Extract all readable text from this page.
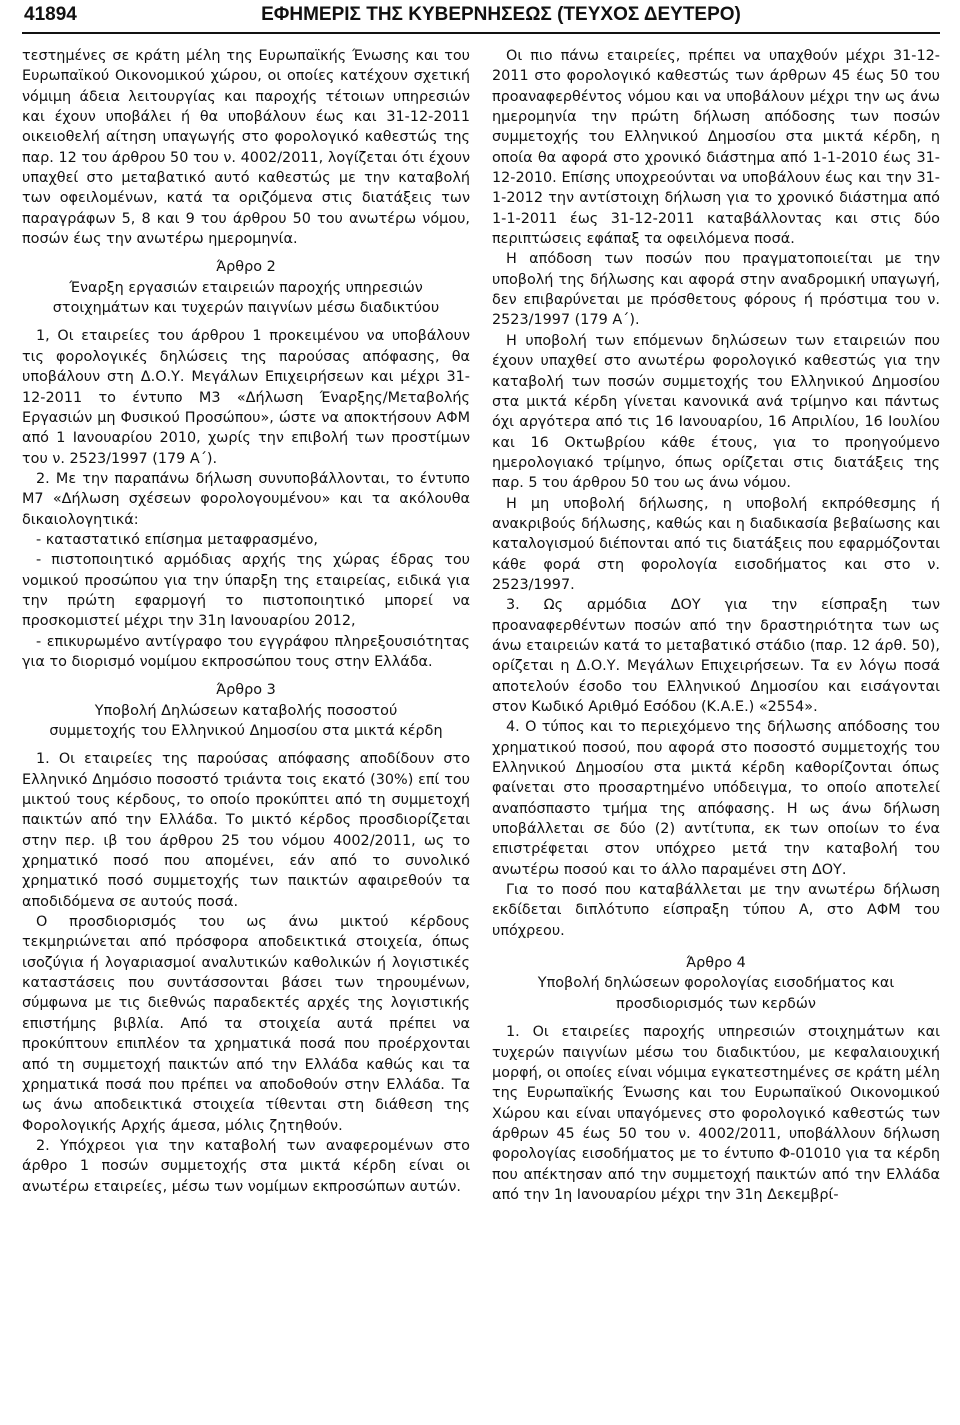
41894	ΕΦΗΜΕΡΙΣ ΤΗΣ ΚΥΒΕΡΝΗΣΕΩΣ (ΤΕΥΧΟΣ ΔΕΥΤΕΡΟ)

τεστημένες σε κράτη μέλη της Ευρωπαϊκής Ένωσης και του Ευρωπαϊκού Οικονομικού χώρου, οι οποίες κατέχουν σχετική νόμιμη άδεια λειτουργίας και παροχής τέτοιων υπηρεσιών και έχουν υποβάλει ή θα υποβάλουν έως και 31-12-2011 οικειοθελή αίτηση υπαγωγής στο φορολογικό καθεστώς της παρ. 12 του άρθρου 50 του ν. 4002/2011, λογίζεται ότι έχουν υπαχθεί στο μεταβατικό αυτό καθεστώς με την καταβολή των οφειλομένων, κατά τα οριζόμενα στις διατάξεις των παραγράφων 5, 8 και 9 του άρθρου 50 του ανωτέρω νόμου, ποσών έως την ανωτέρω ημερομηνία.

Άρθρο 2

Έναρξη εργασιών εταιρειών παροχής υπηρεσιών

στοιχημάτων και τυχερών παιγνίων μέσω διαδικτύου

1, Οι εταιρείες του άρθρου 1 προκειμένου να υποβάλουν τις φορολογικές δηλώσεις της παρούσας απόφασης, θα υποβάλουν στη Δ.Ο.Υ. Μεγάλων Επιχειρήσεων και μέχρι 31-12-2011 το έντυπο Μ3 «Δήλωση Έναρξης/Μεταβολής Εργασιών μη Φυσικού Προσώπου», ώστε να αποκτήσουν ΑΦΜ από 1 Ιανουαρίου 2010, χωρίς την επιβολή των προστίμων του ν. 2523/1997 (179 Α΄).

2. Με την παραπάνω δήλωση συνυποβάλλονται, το έντυπο Μ7 «Δήλωση σχέσεων φορολογουμένου» και τα ακόλουθα δικαιολογητικά:

- καταστατικό επίσημα μεταφρασμένο,

- πιστοποιητικό αρμόδιας αρχής της χώρας έδρας του νομικού προσώπου για την ύπαρξη της εταιρείας, ειδικά για την πρώτη εφαρμογή το πιστοποιητικό μπορεί να προσκομιστεί μέχρι την 31η Ιανουαρίου 2012,

- επικυρωμένο αντίγραφο του εγγράφου πληρεξουσιότητας για το διορισμό νομίμου εκπροσώπου τους στην Ελλάδα.

Άρθρο 3

Υποβολή Δηλώσεων καταβολής ποσοστού

συμμετοχής του Ελληνικού Δημοσίου στα μικτά κέρδη

1. Οι εταιρείες της παρούσας απόφασης αποδίδουν στο Ελληνικό Δημόσιο ποσοστό τριάντα τοις εκατό (30%) επί του μικτού τους κέρδους, το οποίο προκύπτει από τη συμμετοχή παικτών από την Ελλάδα. Το μικτό κέρδος προσδιορίζεται στην περ. ιβ του άρθρου 25 του νόμου 4002/2011, ως το χρηματικό ποσό που απομένει, εάν από το συνολικό χρηματικό ποσό συμμετοχής των παικτών αφαιρεθούν τα αποδιδόμενα σε αυτούς ποσά.

Ο προσδιορισμός του ως άνω μικτού κέρδους τεκμηριώνεται από πρόσφορα αποδεικτικά στοιχεία, όπως ισοζύγια ή λογαριασμοί αναλυτικών καθολικών ή λογιστικές καταστάσεις που συντάσσονται βάσει των τηρουμένων, σύμφωνα με τις διεθνώς παραδεκτές αρχές της λογιστικής επιστήμης βιβλία. Από τα στοιχεία αυτά πρέπει να προκύπτουν επιπλέον τα χρηματικά ποσά που προέρχονται από τη συμμετοχή παικτών από την Ελλάδα καθώς και τα χρηματικά ποσά που πρέπει να αποδοθούν στην Ελλάδα. Τα ως άνω αποδεικτικά στοιχεία τίθενται στη διάθεση της Φορολογικής Αρχής άμεσα, μόλις ζητηθούν.

2. Υπόχρεοι για την καταβολή των αναφερομένων στο άρθρο 1 ποσών συμμετοχής στα μικτά κέρδη είναι οι ανωτέρω εταιρείες, μέσω των νομίμων εκπροσώπων αυτών.

Οι πιο πάνω εταιρείες, πρέπει να υπαχθούν μέχρι 31-12-2011 στο φορολογικό καθεστώς των άρθρων 45 έως 50 του προαναφερθέντος νόμου και να υποβάλουν μέχρι την ως άνω ημερομηνία την πρώτη δήλωση απόδοσης των ποσών συμμετοχής του Ελληνικού Δημοσίου στα μικτά κέρδη, η οποία θα αφορά στο χρονικό διάστημα από 1-1-2010 έως 31-12-2010. Επίσης υποχρεούνται να υποβάλουν έως και την 31-1-2012 την αντίστοιχη δήλωση για το χρονικό διάστημα από 1-1-2011 έως 31-12-2011 καταβάλλοντας και στις δύο περιπτώσεις εφάπαξ τα οφειλόμενα ποσά.

Η απόδοση των ποσών που πραγματοποιείται με την υποβολή της δήλωσης και αφορά στην αναδρομική υπαγωγή, δεν επιβαρύνεται με πρόσθετους φόρους ή πρόστιμα του ν. 2523/1997 (179 Α΄).

Η υποβολή των επόμενων δηλώσεων των εταιρειών που έχουν υπαχθεί στο ανωτέρω φορολογικό καθεστώς για την καταβολή των ποσών συμμετοχής του Ελληνικού Δημοσίου στα μικτά κέρδη γίνεται κανονικά ανά τρίμηνο και πάντως όχι αργότερα από τις 16 Ιανουαρίου, 16 Απριλίου, 16 Ιουλίου και 16 Οκτωβρίου κάθε έτους, για το προηγούμενο ημερολογιακό τρίμηνο, όπως ορίζεται στις διατάξεις της παρ. 5 του άρθρου 50 του ως άνω νόμου.

Η μη υποβολή δήλωσης, η υποβολή εκπρόθεσμης ή ανακριβούς δήλωσης, καθώς και η διαδικασία βεβαίωσης και καταλογισμού διέπονται από τις διατάξεις που εφαρμόζονται κάθε φορά στη φορολογία εισοδήματος και στο ν. 2523/1997.

3. Ως αρμόδια ΔΟΥ για την είσπραξη των προαναφερθέντων ποσών από την δραστηριότητα των ως άνω εταιρειών κατά το μεταβατικό στάδιο (παρ. 12 άρθ. 50), ορίζεται η Δ.Ο.Υ. Μεγάλων Επιχειρήσεων. Τα εν λόγω ποσά αποτελούν έσοδο του Ελληνικού Δημοσίου και εισάγονται στον Κωδικό Αριθμό Εσόδου (Κ.Α.Ε.) «2554».

4. Ο τύπος και το περιεχόμενο της δήλωσης απόδοσης του χρηματικού ποσού, που αφορά στο ποσοστό συμμετοχής του Ελληνικού Δημοσίου στα μικτά κέρδη καθορίζονται όπως φαίνεται στο προσαρτημένο υπόδειγμα, το οποίο αποτελεί αναπόσπαστο τμήμα της απόφασης. Η ως άνω δήλωση υποβάλλεται σε δύο (2) αντίτυπα, εκ των οποίων το ένα επιστρέφεται στον υπόχρεο μετά την καταβολή του ανωτέρω ποσού και το άλλο παραμένει στη ΔΟΥ.

Για το ποσό που καταβάλλεται με την ανωτέρω δήλωση εκδίδεται διπλότυπο είσπραξη τύπου Α, στο ΑΦΜ του υπόχρεου.

Άρθρο 4

Υποβολή δηλώσεων φορολογίας εισοδήματος και

προσδιορισμός των κερδών

1. Οι εταιρείες παροχής υπηρεσιών στοιχημάτων και τυχερών παιγνίων μέσω του διαδικτύου, με κεφαλαιουχική μορφή, οι οποίες είναι νόμιμα εγκατεστημένες σε κράτη μέλη της Ευρωπαϊκής Ένωσης και του Ευρωπαϊκού Οικονομικού Χώρου και είναι υπαγόμενες στο φορολογικό καθεστώς των άρθρων 45 έως 50 του ν. 4002/2011, υποβάλλουν δήλωση φορολογίας εισοδήματος με το έντυπο Φ-01010 για τα κέρδη που απέκτησαν από την συμμετοχή παικτών από την Ελλάδα από την 1η Ιανουαρίου μέχρι την 31η Δεκεμβρί-
